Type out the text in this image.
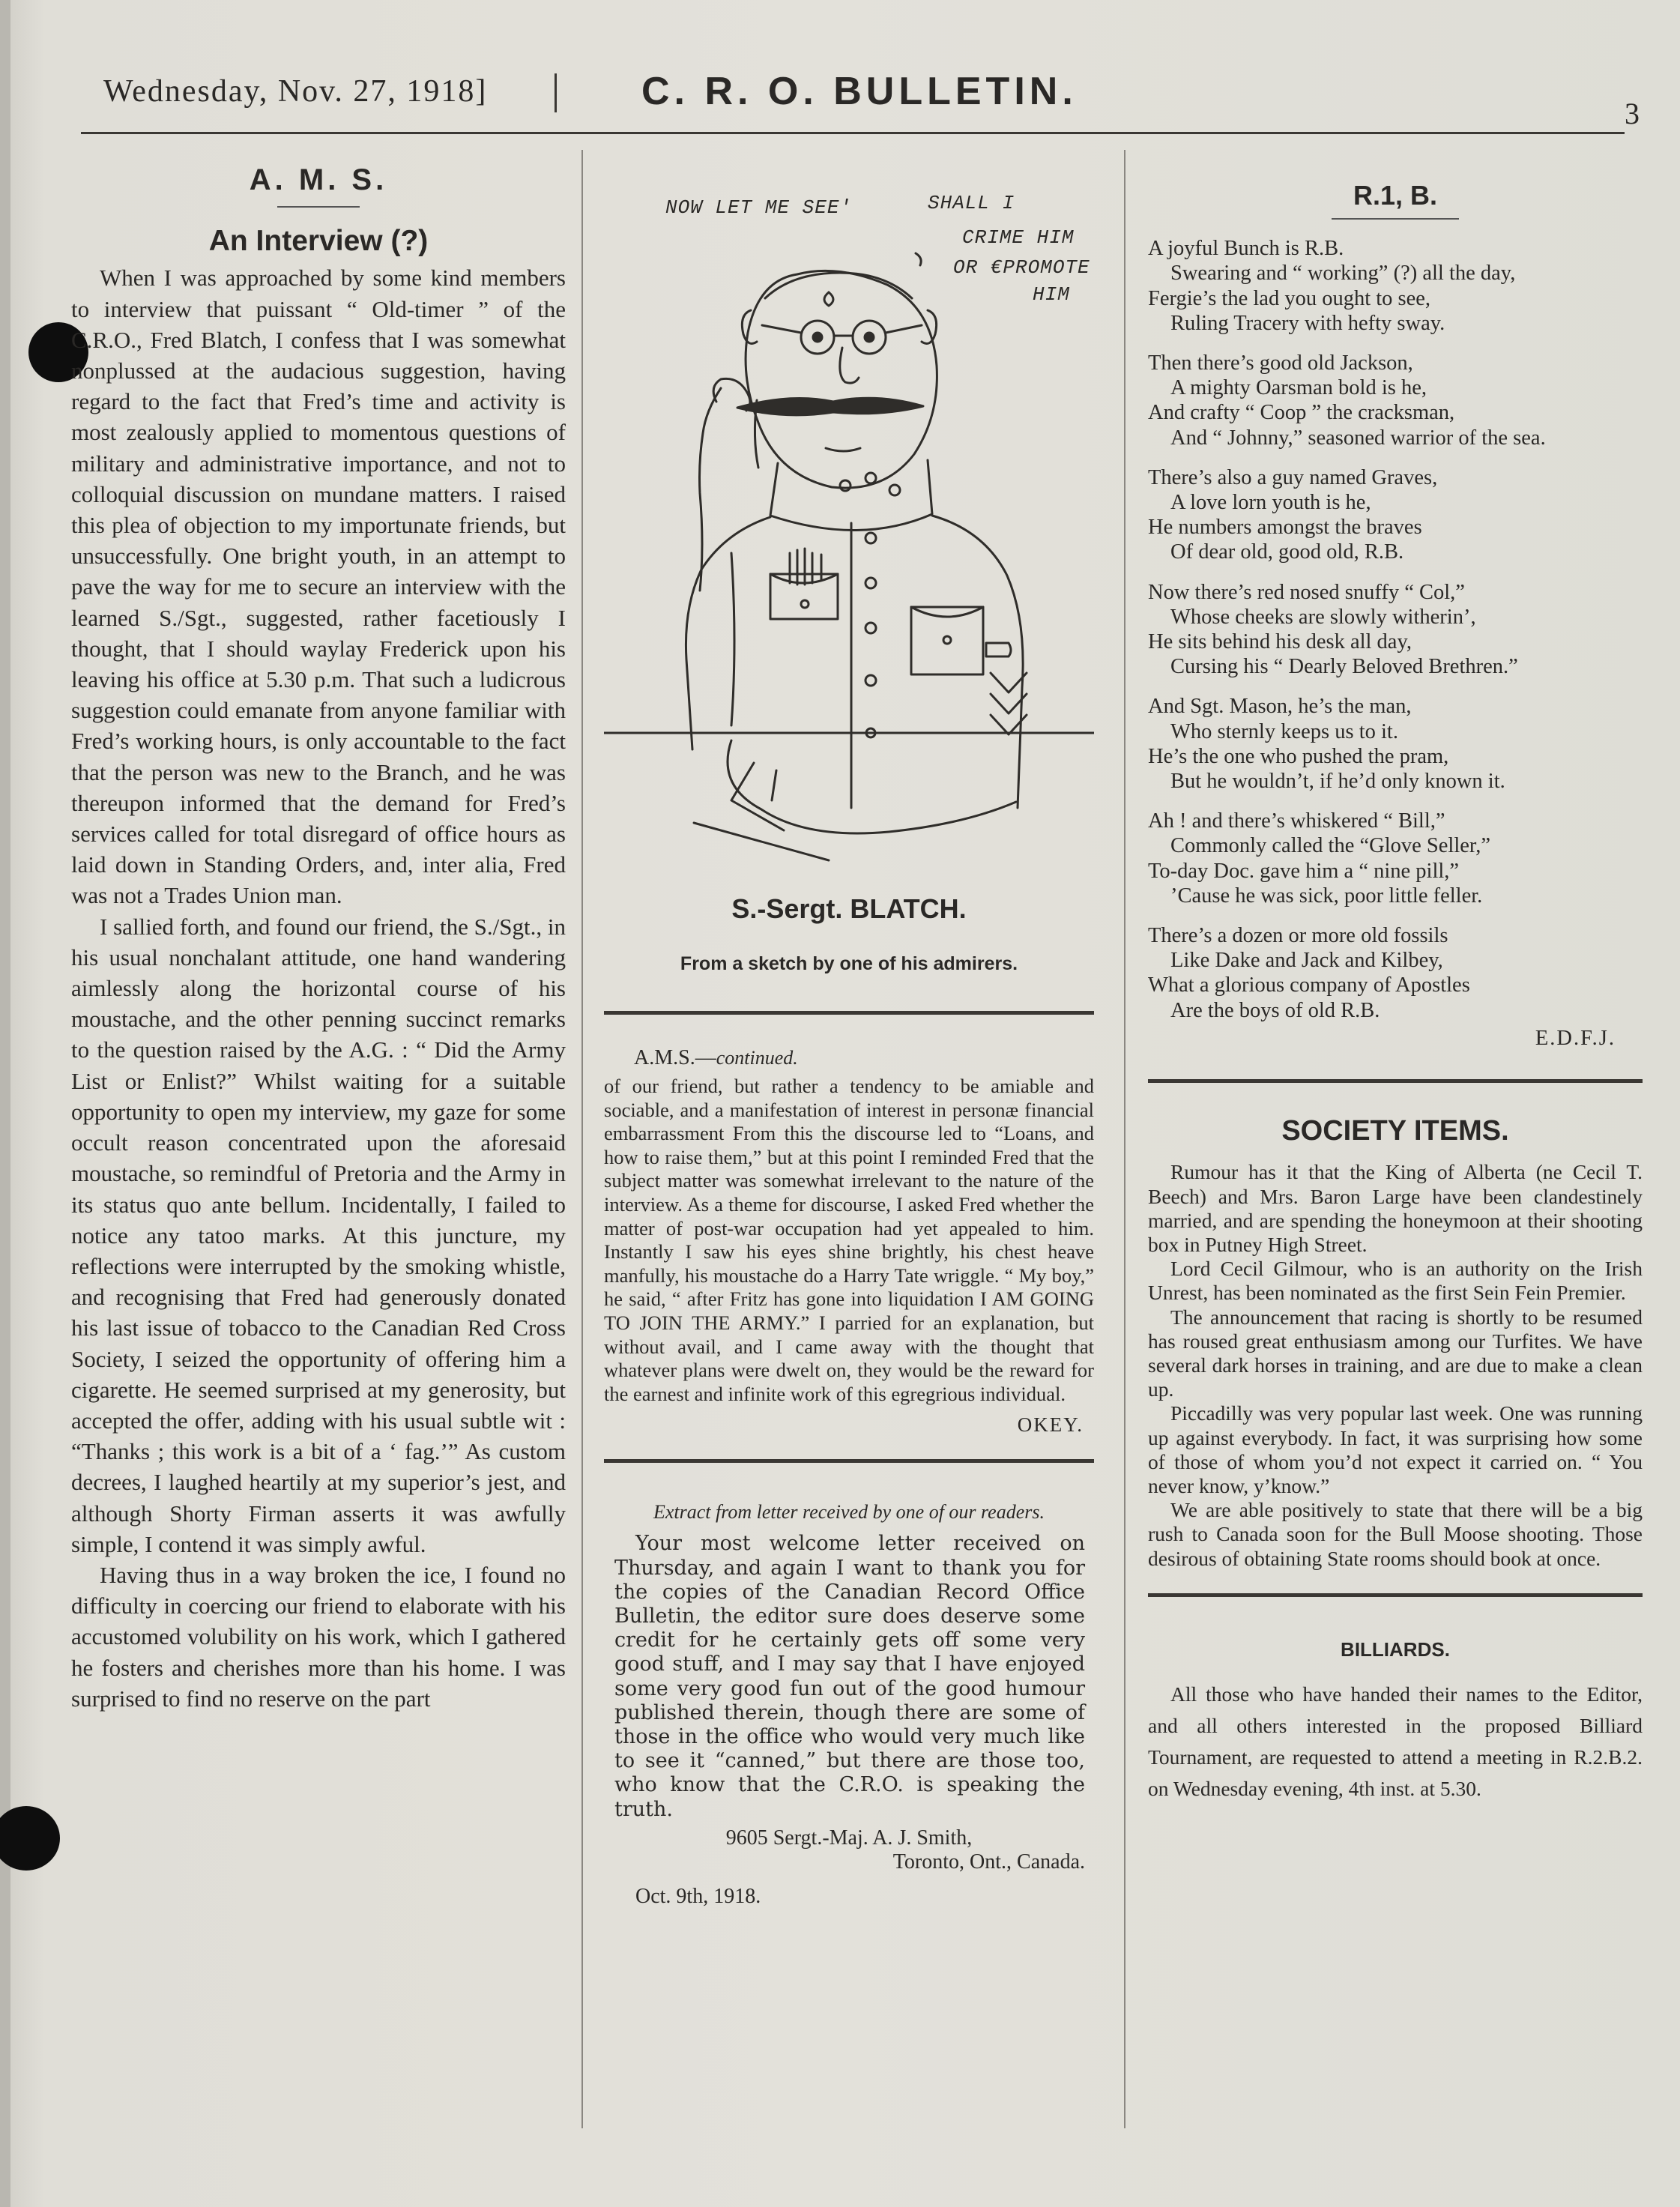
Wednesday, Nov. 27, 1918]	C. R. O. BULLETIN.
3
A. M. S.
An Interview (?)

When I was approached by some kind members to interview that puissant “ Old-timer ” of the C.R.O., Fred Blatch, I confess that I was somewhat nonplussed at the audacious suggestion, having regard to the fact that Fred’s time and activity is most zealously applied to momentous questions of military and administrative importance, and not to colloquial discussion on mundane matters. I raised this plea of objection to my importunate friends, but unsuccessfully. One bright youth, in an attempt to pave the way for me to secure an interview with the learned S./Sgt., suggested, rather facetiously I thought, that I should waylay Frederick upon his leaving his office at 5.30 p.m. That such a ludicrous suggestion could emanate from anyone familiar with Fred’s working hours, is only accountable to the fact that the person was new to the Branch, and he was thereupon informed that the demand for Fred’s services called for total disregard of office hours as laid down in Standing Orders, and, inter alia, Fred was not a Trades Union man.

I sallied forth, and found our friend, the S./Sgt., in his usual nonchalant attitude, one hand wandering aimlessly along the horizontal course of his moustache, and the other penning succinct remarks to the question raised by the A.G. : “ Did the Army List or Enlist?” Whilst waiting for a suitable opportunity to open my interview, my gaze for some occult reason concentrated upon the aforesaid moustache, so remindful of Pretoria and the Army in its status quo ante bellum. Incidentally, I failed to notice any tatoo marks. At this juncture, my reflections were interrupted by the smoking whistle, and recognising that Fred had generously donated his last issue of tobacco to the Canadian Red Cross Society, I seized the opportunity of offering him a cigarette. He seemed surprised at my generosity, but accepted the offer, adding with his usual subtle wit : “Thanks ; this work is a bit of a ‘ fag.’” As custom decrees, I laughed heartily at my superior’s jest, and although Shorty Firman asserts it was awfully simple, I contend it was simply awful.

Having thus in a way broken the ice, I found no difficulty in coercing our friend to elaborate with his accustomed volubility on his work, which I gathered he fosters and cherishes more than his home. I was surprised to find no reserve on the part

NOW LET ME SEE'	SHALL I
CRIME HIM
OR €PROMOTE
HIM
S.-Sergt. BLATCH.
From a sketch by one of his admirers.
A.M.S.—continued.

of our friend, but rather a tendency to be amiable and sociable, and a manifestation of interest in personæ financial embarrassment From this the discourse led to “Loans, and how to raise them,” but at this point I reminded Fred that the subject matter was somewhat irrelevant to the nature of the interview. As a theme for discourse, I asked Fred whether the matter of post-war occupation had yet appealed to him. Instantly I saw his eyes shine brightly, his chest heave manfully, his moustache do a Harry Tate wriggle. “ My boy,” he said, “ after Fritz has gone into liquidation I AM GOING TO JOIN THE ARMY.” I parried for an explanation, but without avail, and I came away with the thought that whatever plans were dwelt on, they would be the reward for the earnest and infinite work of this egregrious individual.

OKEY.
Extract from letter received by one of our readers.

Your most welcome letter received on Thursday, and again I want to thank you for the copies of the Canadian Record Office Bulletin, the editor sure does deserve some credit for he certainly gets off some very good stuff, and I may say that I have enjoyed some very good fun out of the good humour published therein, though there are some of those in the office who would very much like to see it “canned,” but there are those too, who know that the C.R.O. is speaking the truth.

9605 Sergt.-Maj. A. J. Smith,
Toronto, Ont., Canada.
Oct. 9th, 1918.
R.1, B.
A joyful Bunch is R.B.
Swearing and “ working” (?) all the day,
Fergie’s the lad you ought to see,
Ruling Tracery with hefty sway.
Then there’s good old Jackson,
A mighty Oarsman bold is he,
And crafty “ Coop ” the cracksman,
And “ Johnny,” seasoned warrior of the sea.
There’s also a guy named Graves,
A love lorn youth is he,
He numbers amongst the braves
Of dear old, good old, R.B.
Now there’s red nosed snuffy “ Col,”
Whose cheeks are slowly witherin’,
He sits behind his desk all day,
Cursing his “ Dearly Beloved Brethren.”
And Sgt. Mason, he’s the man,
Who sternly keeps us to it.
He’s the one who pushed the pram,
But he wouldn’t, if he’d only known it.
Ah ! and there’s whiskered “ Bill,”
Commonly called the “Glove Seller,”
To-day Doc. gave him a “ nine pill,”
’Cause he was sick, poor little feller.
There’s a dozen or more old fossils
Like Dake and Jack and Kilbey,
What a glorious company of Apostles
Are the boys of old R.B.
E.D.F.J.
SOCIETY ITEMS.

Rumour has it that the King of Alberta (ne Cecil T. Beech) and Mrs. Baron Large have been clandestinely married, and are spending the honeymoon at their shooting box in Putney High Street.

Lord Cecil Gilmour, who is an authority on the Irish Unrest, has been nominated as the first Sein Fein Premier.

The announcement that racing is shortly to be resumed has roused great enthusiasm among our Turfites. We have several dark horses in training, and are due to make a clean up.

Piccadilly was very popular last week. One was running up against everybody. In fact, it was surprising how some of those of whom you’d not expect it carried on. “ You never know, y’know.”

We are able positively to state that there will be a big rush to Canada soon for the Bull Moose shooting. Those desirous of obtaining State rooms should book at once.

BILLIARDS.

All those who have handed their names to the Editor, and all others interested in the proposed Billiard Tournament, are requested to attend a meeting in R.2.B.2. on Wednesday evening, 4th inst. at 5.30.
